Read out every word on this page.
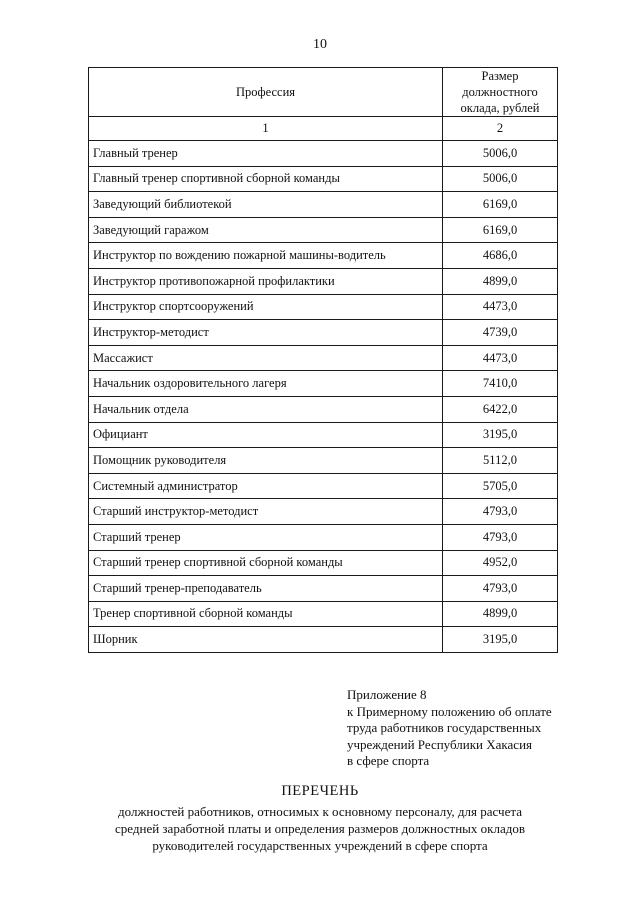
10
Профессия	Размер должностного оклада, рублей
1	2
Главный тренер	5006,0
Главный тренер спортивной сборной команды	5006,0
Заведующий библиотекой	6169,0
Заведующий гаражом	6169,0
Инструктор по вождению пожарной машины-водитель	4686,0
Инструктор противопожарной профилактики	4899,0
Инструктор спортсооружений	4473,0
Инструктор-методист	4739,0
Массажист	4473,0
Начальник оздоровительного лагеря	7410,0
Начальник отдела	6422,0
Официант	3195,0
Помощник руководителя	5112,0
Системный администратор	5705,0
Старший инструктор-методист	4793,0
Старший тренер	4793,0
Старший тренер спортивной сборной команды	4952,0
Старший тренер-преподаватель	4793,0
Тренер спортивной сборной команды	4899,0
Шорник	3195,0
Приложение 8
к Примерному положению об оплате
труда работников государственных
учреждений Республики Хакасия
в сфере спорта
ПЕРЕЧЕНЬ
должностей работников, относимых к основному персоналу, для расчета
средней заработной платы и определения размеров должностных окладов
руководителей государственных учреждений в сфере спорта
